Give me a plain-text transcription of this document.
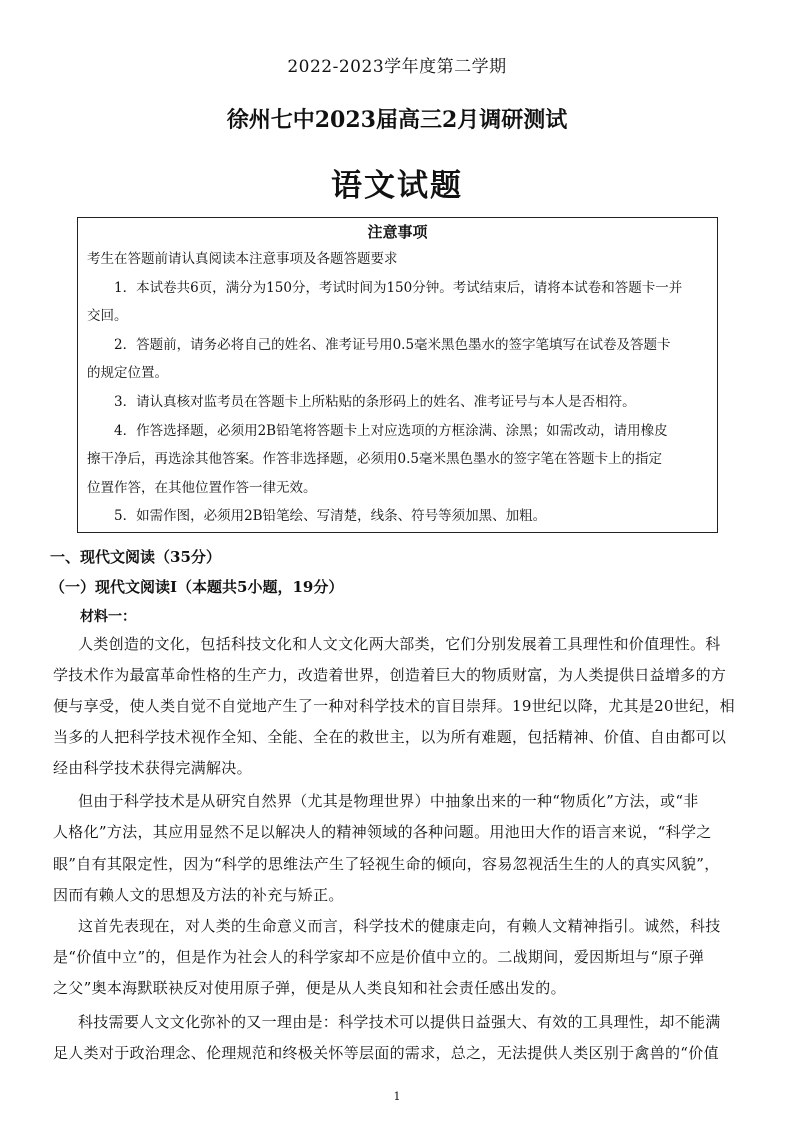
2022-2023学年度第二学期
徐州七中2023届高三2月调研测试
语文试题
注意事项
考生在答题前请认真阅读本注意事项及各题答题要求
1．本试卷共6页，满分为150分，考试时间为150分钟。考试结束后，请将本试卷和答题卡一并
交回。
2．答题前，请务必将自己的姓名、准考证号用0.5毫米黑色墨水的签字笔填写在试卷及答题卡
的规定位置。
3．请认真核对监考员在答题卡上所粘贴的条形码上的姓名、准考证号与本人是否相符。
4．作答选择题，必须用2B铅笔将答题卡上对应选项的方框涂满、涂黑；如需改动，请用橡皮
擦干净后，再选涂其他答案。作答非选择题，必须用0.5毫米黑色墨水的签字笔在答题卡上的指定
位置作答，在其他位置作答一律无效。
5．如需作图，必须用2B铅笔绘、写清楚，线条、符号等须加黑、加粗。
一、现代文阅读（35分）
（一）现代文阅读Ⅰ（本题共5小题，19分）
材料一：
人类创造的文化，包括科技文化和人文文化两大部类，它们分别发展着工具理性和价值理性。科
学技术作为最富革命性格的生产力，改造着世界，创造着巨大的物质财富，为人类提供日益增多的方
便与享受，使人类自觉不自觉地产生了一种对科学技术的盲目崇拜。19世纪以降，尤其是20世纪，相
当多的人把科学技术视作全知、全能、全在的救世主，以为所有难题，包括精神、价值、自由都可以
经由科学技术获得完满解决。
但由于科学技术是从研究自然界（尤其是物理世界）中抽象出来的一种“物质化”方法，或“非
人格化”方法，其应用显然不足以解决人的精神领域的各种问题。用池田大作的语言来说，“科学之
眼”自有其限定性，因为“科学的思维法产生了轻视生命的倾向，容易忽视活生生的人的真实风貌”，
因而有赖人文的思想及方法的补充与矫正。
这首先表现在，对人类的生命意义而言，科学技术的健康走向，有赖人文精神指引。诚然，科技
是“价值中立”的，但是作为社会人的科学家却不应是价值中立的。二战期间，爱因斯坦与“原子弹
之父”奥本海默联袂反对使用原子弹，便是从人类良知和社会责任感出发的。
科技需要人文文化弥补的又一理由是：科学技术可以提供日益强大、有效的工具理性，却不能满
足人类对于政治理念、伦理规范和终极关怀等层面的需求，总之，无法提供人类区别于禽兽的“价值
1
